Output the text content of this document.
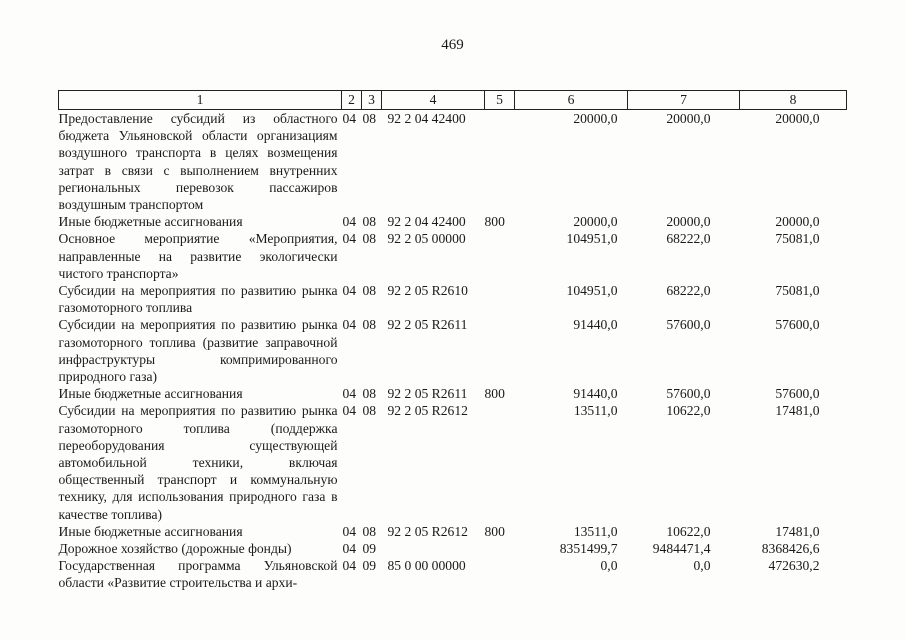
469
1	2	3	4	5	6	7	8
Предоставление субсидий из областного бюджета Ульяновской области организациям воздушного транспорта в целях возмещения затрат в связи с выполнением внутренних региональных перевозок пассажиров воздушным транспортом	04	08	92 2 04 42400		20000,0	20000,0	20000,0
Иные бюджетные ассигнования	04	08	92 2 04 42400	800	20000,0	20000,0	20000,0
Основное мероприятие «Мероприятия, направленные на развитие экологически чистого транспорта»	04	08	92 2 05 00000		104951,0	68222,0	75081,0
Субсидии на мероприятия по развитию рынка газомоторного топлива	04	08	92 2 05 R2610		104951,0	68222,0	75081,0
Субсидии на мероприятия по развитию рынка газомоторного топлива (развитие заправочной инфраструктуры компримированного природного газа)	04	08	92 2 05 R2611		91440,0	57600,0	57600,0
Иные бюджетные ассигнования	04	08	92 2 05 R2611	800	91440,0	57600,0	57600,0
Субсидии на мероприятия по развитию рынка газомоторного топлива (поддержка переоборудования существующей автомобильной техники, включая общественный транспорт и коммунальную технику, для использования природного газа в качестве топлива)	04	08	92 2 05 R2612		13511,0	10622,0	17481,0
Иные бюджетные ассигнования	04	08	92 2 05 R2612	800	13511,0	10622,0	17481,0
Дорожное хозяйство (дорожные фонды)	04	09			8351499,7	9484471,4	8368426,6
Государственная программа Ульяновской области «Развитие строительства и архи-	04	09	85 0 00 00000		0,0	0,0	472630,2
